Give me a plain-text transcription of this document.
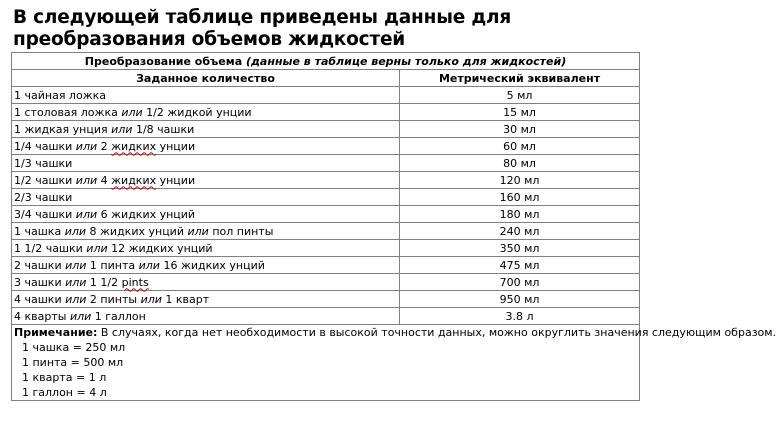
В следующей таблице приведены данные для преобразования объемов жидкостей
Преобразование объема (данные в таблице верны только для жидкостей)	
Заданное количество	Метрический эквивалент
1 чайная ложка	5 мл
1 столовая ложка или 1/2 жидкой унции	15 мл
1 жидкая унция или 1/8 чашки	30 мл
1/4 чашки или 2 жидких унции	60 мл
1/3 чашки	80 мл
1/2 чашки или 4 жидких унции	120 мл
2/3 чашки	160 мл
3/4 чашки или 6 жидких унций	180 мл
1 чашка или 8 жидких унций или пол пинты	240 мл
1 1/2 чашки или 12 жидких унций	350 мл
2 чашки или 1 пинта или 16 жидких унций	475 мл
3 чашки или 1 1/2 pints	700 мл
4 чашки или 2 пинты или 1 кварт	950 мл
4 кварты или 1 галлон	3.8 л
Примечание: В случаях, когда нет необходимости в высокой точности данных, можно округлить значения следующим образом.
1 чашка = 250 мл
1 пинта = 500 мл
1 кварта = 1 л
1 галлон = 4 л	
